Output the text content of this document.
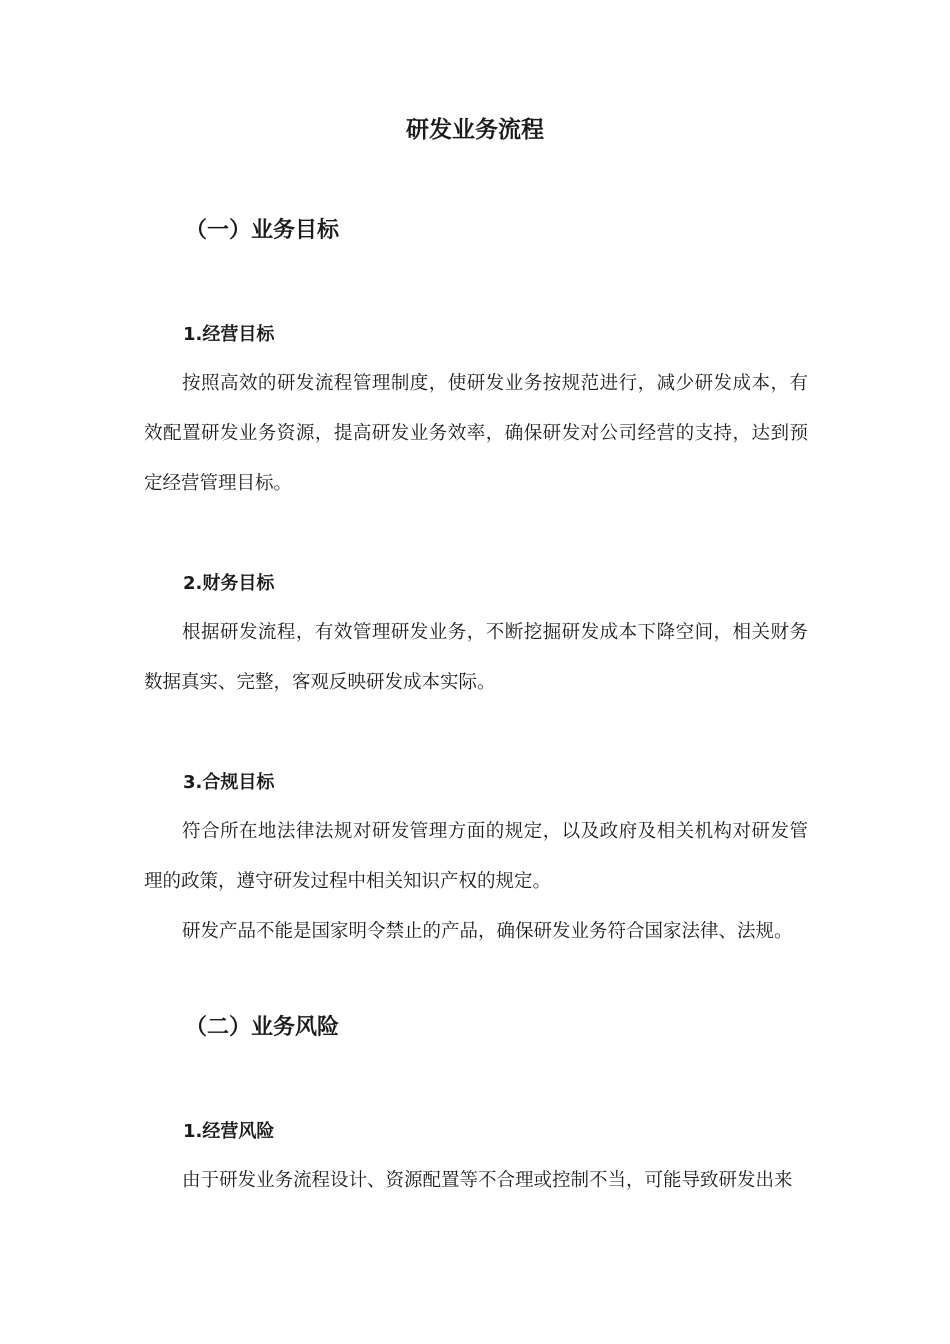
研发业务流程
（一）业务目标
1.经营目标

按照高效的研发流程管理制度，使研发业务按规范进行，减少研发成本，有效配置研发业务资源，提高研发业务效率，确保研发对公司经营的支持，达到预定经营管理目标。

2.财务目标

根据研发流程，有效管理研发业务，不断挖掘研发成本下降空间，相关财务数据真实、完整，客观反映研发成本实际。

3.合规目标

符合所在地法律法规对研发管理方面的规定，以及政府及相关机构对研发管理的政策，遵守研发过程中相关知识产权的规定。

研发产品不能是国家明令禁止的产品，确保研发业务符合国家法律、法规。

（二）业务风险
1.经营风险

由于研发业务流程设计、资源配置等不合理或控制不当，可能导致研发出来
